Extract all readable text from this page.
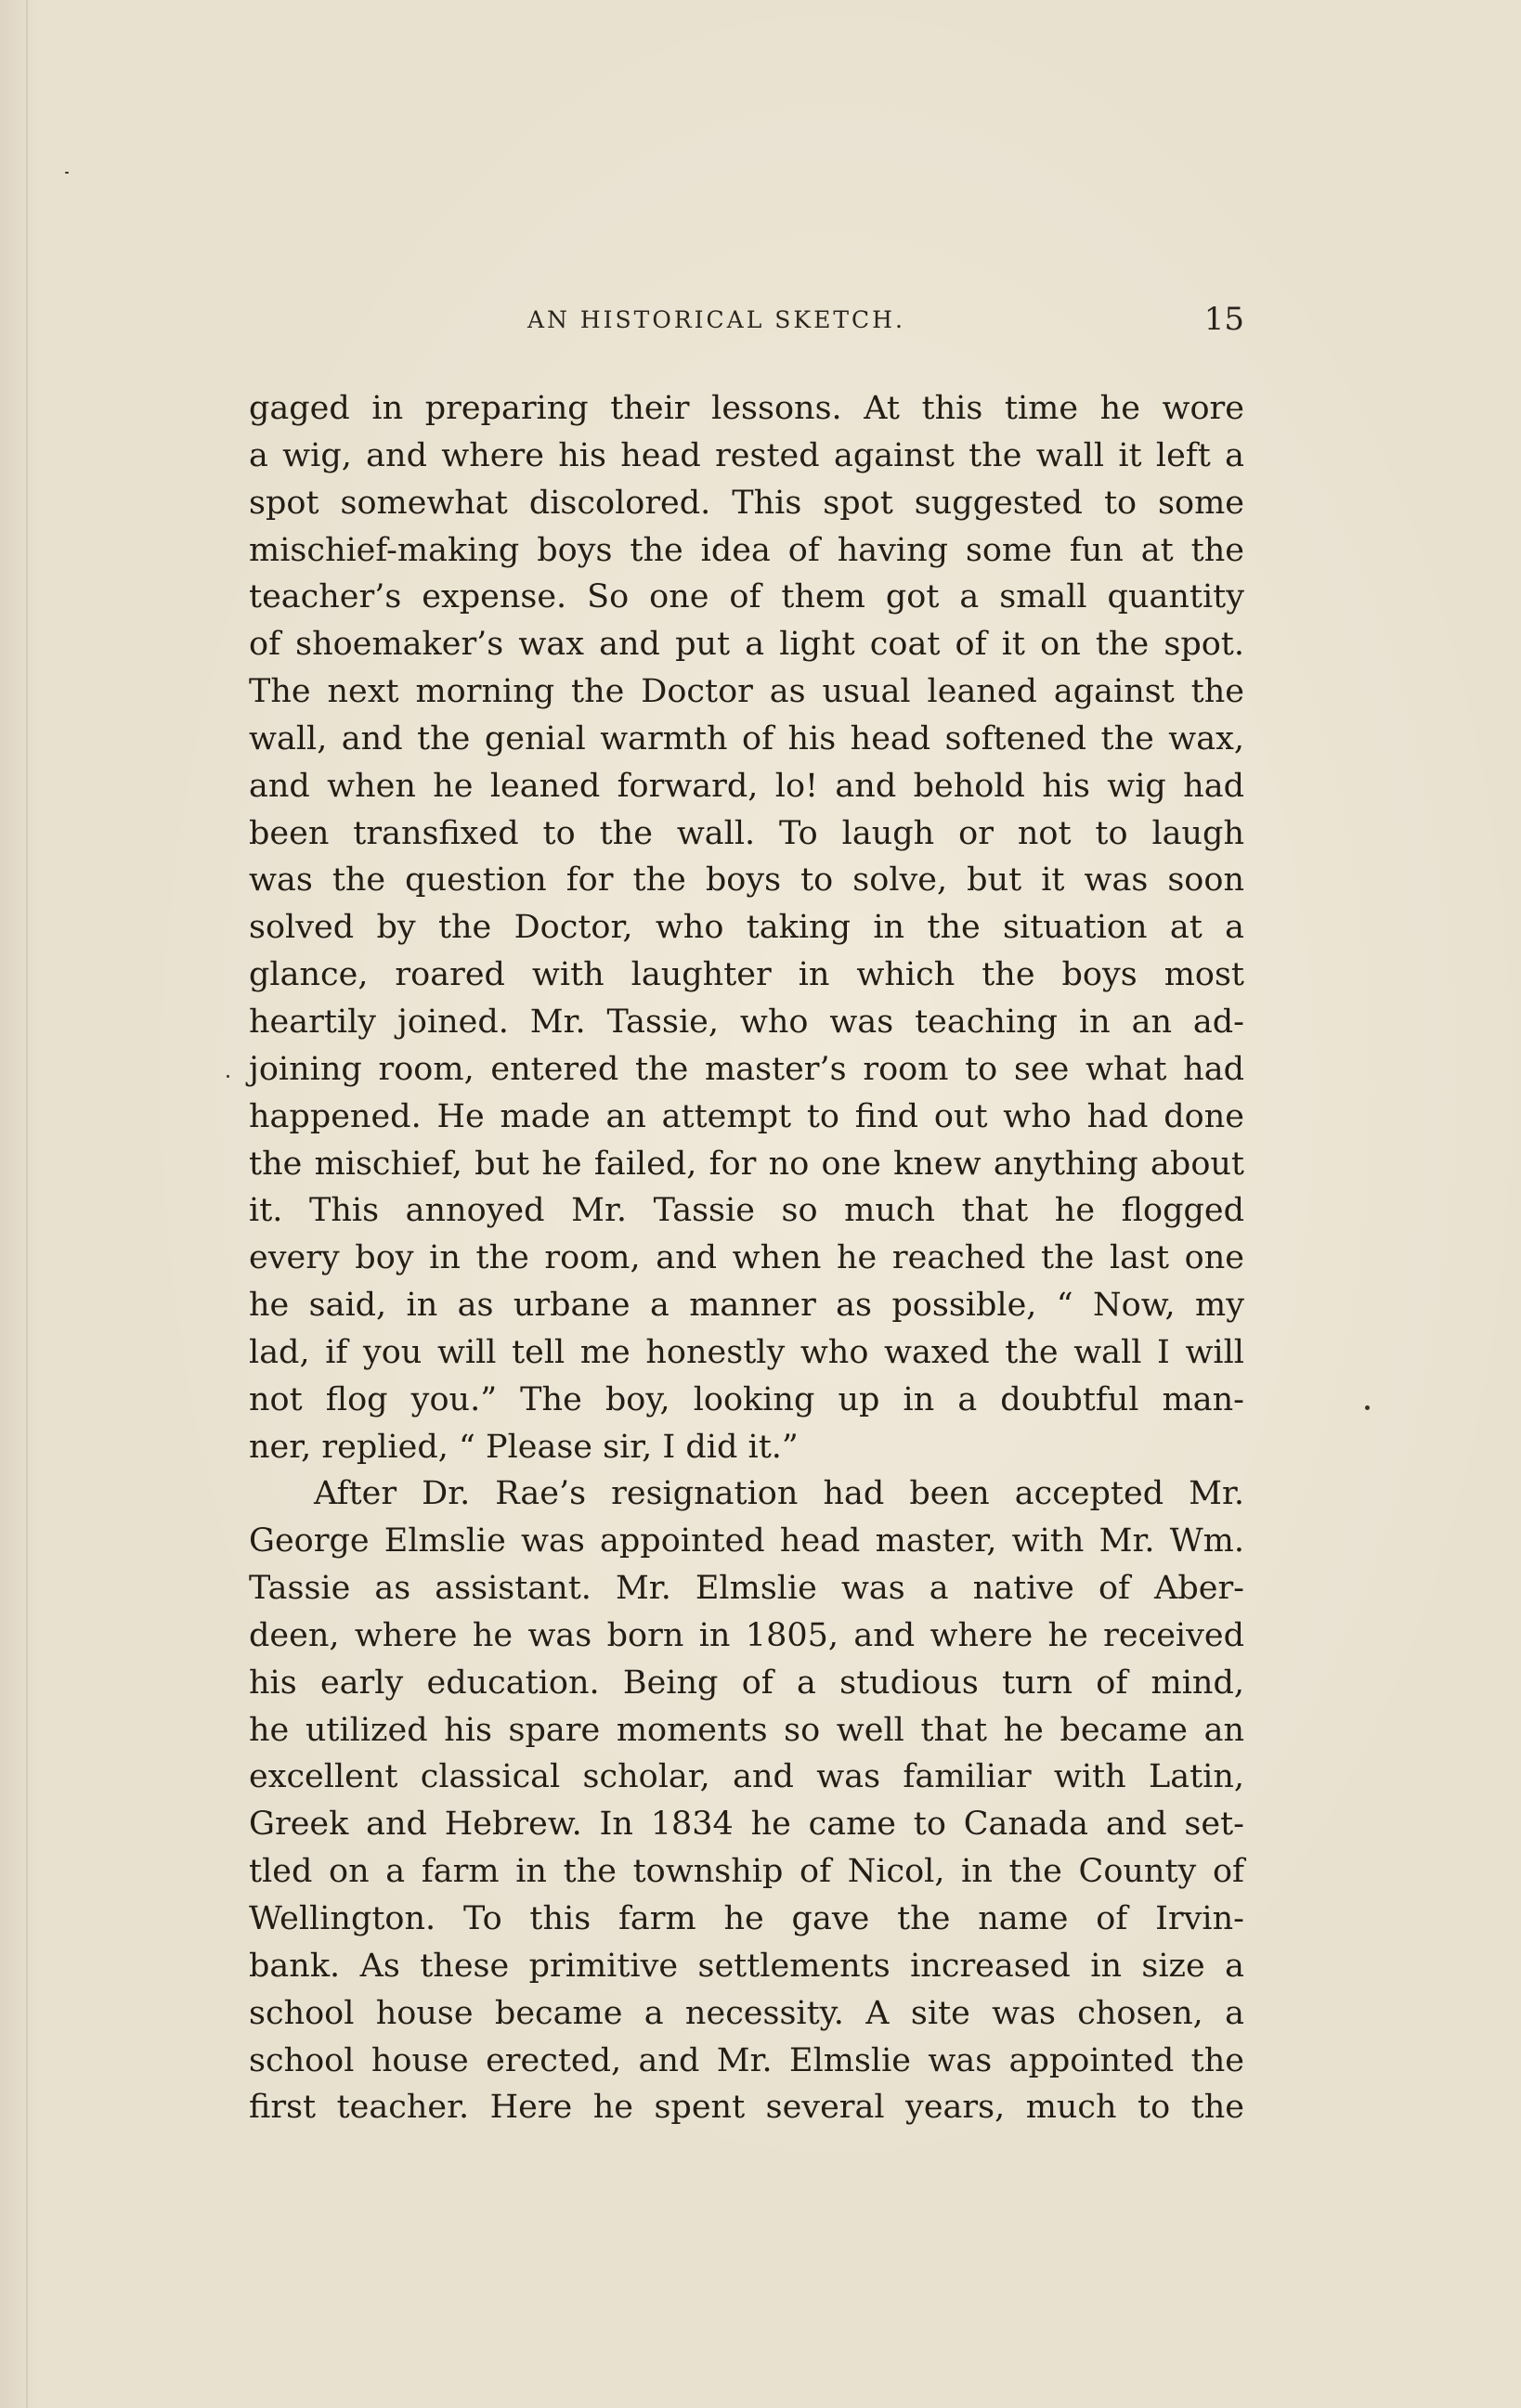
AN HISTORICAL SKETCH.	15
gaged in preparing their lessons. At this time he wore
a wig, and where his head rested against the wall it left a
spot somewhat discolored. This spot suggested to some
mischief-making boys the idea of having some fun at the
teacher’s expense. So one of them got a small quantity
of shoemaker’s wax and put a light coat of it on the spot.
The next morning the Doctor as usual leaned against the
wall, and the genial warmth of his head softened the wax,
and when he leaned forward, lo! and behold his wig had
been transfixed to the wall. To laugh or not to laugh
was the question for the boys to solve, but it was soon
solved by the Doctor, who taking in the situation at a
glance, roared with laughter in which the boys most
heartily joined. Mr. Tassie, who was teaching in an ad-
joining room, entered the master’s room to see what had
happened. He made an attempt to find out who had done
the mischief, but he failed, for no one knew anything about
it. This annoyed Mr. Tassie so much that he flogged
every boy in the room, and when he reached the last one
he said, in as urbane a manner as possible, “ Now, my
lad, if you will tell me honestly who waxed the wall I will
not flog you.” The boy, looking up in a doubtful man-
ner, replied, “ Please sir, I did it.”
After Dr. Rae’s resignation had been accepted Mr.
George Elmslie was appointed head master, with Mr. Wm.
Tassie as assistant. Mr. Elmslie was a native of Aber-
deen, where he was born in 1805, and where he received
his early education. Being of a studious turn of mind,
he utilized his spare moments so well that he became an
excellent classical scholar, and was familiar with Latin,
Greek and Hebrew. In 1834 he came to Canada and set-
tled on a farm in the township of Nicol, in the County of
Wellington. To this farm he gave the name of Irvin-
bank. As these primitive settlements increased in size a
school house became a necessity. A site was chosen, a
school house erected, and Mr. Elmslie was appointed the
first teacher. Here he spent several years, much to the
